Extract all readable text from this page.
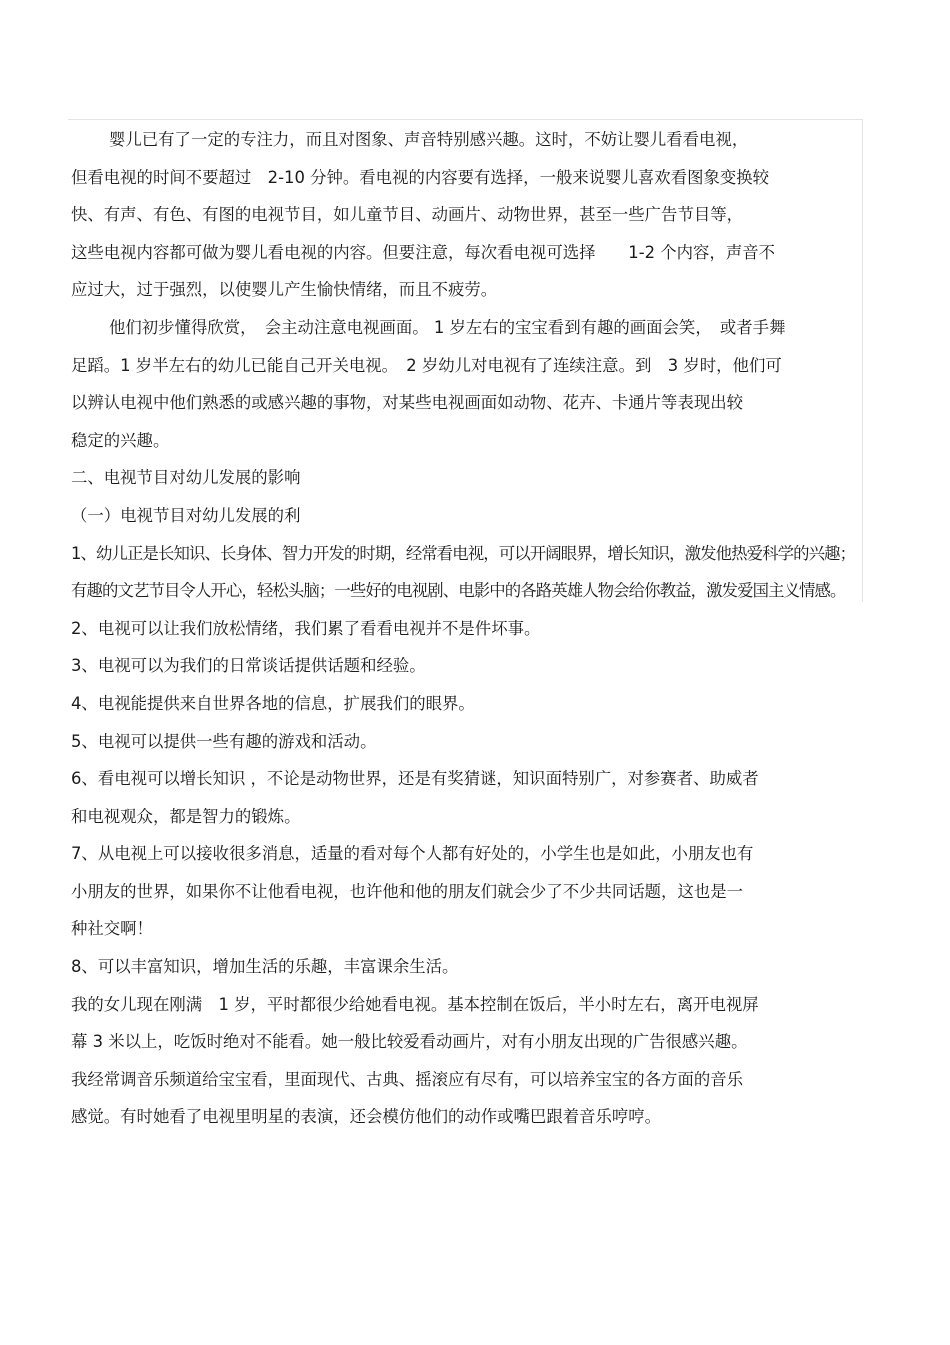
婴儿已有了一定的专注力，而且对图象、声音特别感兴趣。这时，不妨让婴儿看看电视，
但看电视的时间不要超过　2-10 分钟。看电视的内容要有选择，一般来说婴儿喜欢看图象变换较
快、有声、有色、有图的电视节目，如儿童节目、动画片、动物世界，甚至一些广告节目等，
这些电视内容都可做为婴儿看电视的内容。但要注意，每次看电视可选择　　1-2 个内容，声音不
应过大，过于强烈，以使婴儿产生愉快情绪，而且不疲劳。
他们初步懂得欣赏，　会主动注意电视画面。 1 岁左右的宝宝看到有趣的画面会笑，　或者手舞
足蹈。1 岁半左右的幼儿已能自己开关电视。　2 岁幼儿对电视有了连续注意。到　3 岁时，他们可
以辨认电视中他们熟悉的或感兴趣的事物，对某些电视画面如动物、花卉、卡通片等表现出较
稳定的兴趣。
二、电视节目对幼儿发展的影响
（一）电视节目对幼儿发展的利
1、幼儿正是长知识、长身体、智力开发的时期，经常看电视，可以开阔眼界，增长知识，激发他热爱科学的兴趣；
有趣的文艺节目令人开心，轻松头脑；一些好的电视剧、电影中的各路英雄人物会给你教益，激发爱国主义情感。
2、电视可以让我们放松情绪，我们累了看看电视并不是件坏事。
3、电视可以为我们的日常谈话提供话题和经验。
4、电视能提供来自世界各地的信息，扩展我们的眼界。
5、电视可以提供一些有趣的游戏和活动。
6、看电视可以增长知识 ，不论是动物世界，还是有奖猜谜，知识面特别广，对参赛者、助威者
和电视观众，都是智力的锻炼。
7、从电视上可以接收很多消息，适量的看对每个人都有好处的，小学生也是如此，小朋友也有
小朋友的世界，如果你不让他看电视，也许他和他的朋友们就会少了不少共同话题，这也是一
种社交啊！
8、可以丰富知识，增加生活的乐趣，丰富课余生活。
我的女儿现在刚满　1 岁，平时都很少给她看电视。基本控制在饭后，半小时左右，离开电视屏
幕 3 米以上，吃饭时绝对不能看。她一般比较爱看动画片，对有小朋友出现的广告很感兴趣。
我经常调音乐频道给宝宝看，里面现代、古典、摇滚应有尽有，可以培养宝宝的各方面的音乐
感觉。有时她看了电视里明星的表演，还会模仿他们的动作或嘴巴跟着音乐哼哼。
